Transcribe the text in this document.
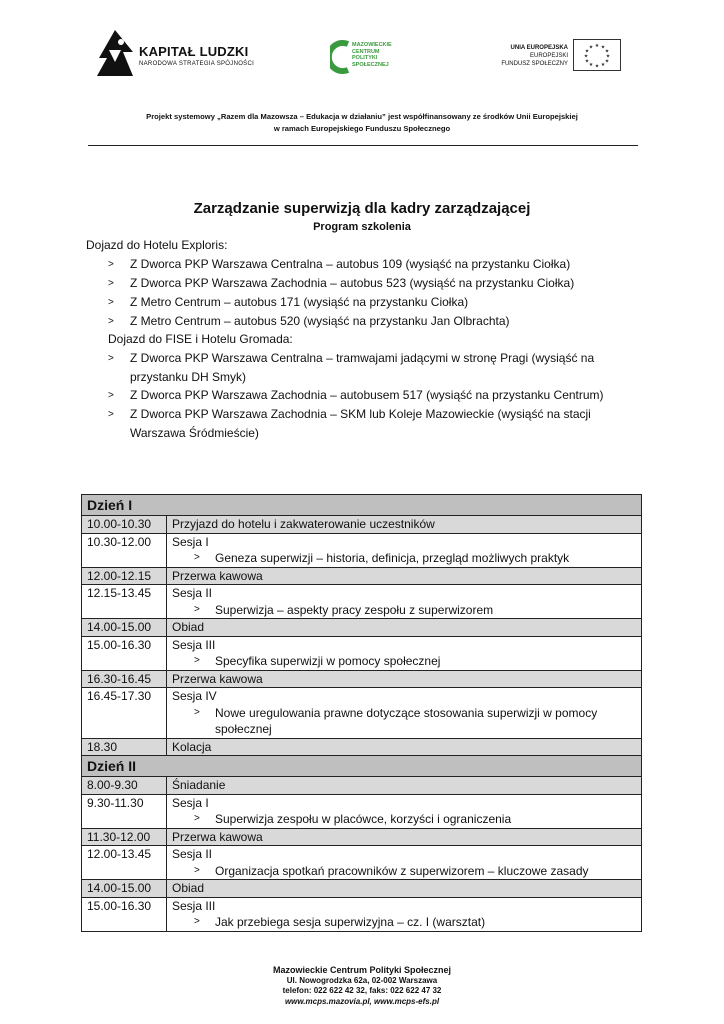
KAPITAŁ LUDZKI
NARODOWA STRATEGIA SPÓJNOŚCI
MAZOWIECKIE
CENTRUM
POLITYKI
SPOŁECZNEJ
UNIA EUROPEJSKA
EUROPEJSKI
FUNDUSZ SPOŁECZNY
★ ★
★
★
★
★
★
★
★
★
★
★
Projekt systemowy „Razem dla Mazowsza – Edukacja w działaniu” jest współfinansowany ze środków Unii Europejskiej
w ramach Europejskiego Funduszu Społecznego
Zarządzanie superwizją dla kadry zarządzającej
Program szkolenia
Dojazd do Hotelu Exploris:
> Z Dworca PKP Warszawa Centralna – autobus 109 (wysiąść na przystanku Ciołka)
> Z Dworca PKP Warszawa Zachodnia – autobus 523 (wysiąść na przystanku Ciołka)
> Z Metro Centrum – autobus 171 (wysiąść na przystanku Ciołka)
> Z Metro Centrum – autobus 520 (wysiąść na przystanku Jan Olbrachta)
Dojazd do FISE i Hotelu Gromada:
> Z Dworca PKP Warszawa Centralna – tramwajami jadącymi w stronę Pragi (wysiąść na przystanku DH Smyk)
> Z Dworca PKP Warszawa Zachodnia – autobusem 517 (wysiąść na przystanku Centrum)
> Z Dworca PKP Warszawa Zachodnia – SKM lub Koleje Mazowieckie (wysiąść na stacji Warszawa Śródmieście)
Dzień I	
10.00-10.30	Przyjazd do hotelu i zakwaterowanie uczestników
10.30-12.00	Sesja I
> Geneza superwizji – historia, definicja, przegląd możliwych praktyk

12.00-12.15	Przerwa kawowa
12.15-13.45	Sesja II
> Superwizja – aspekty pracy zespołu z superwizorem

14.00-15.00	Obiad
15.00-16.30	Sesja III
> Specyfika superwizji w pomocy społecznej

16.30-16.45	Przerwa kawowa
16.45-17.30	Sesja IV
> Nowe uregulowania prawne dotyczące stosowania superwizji w pomocy społecznej

18.30	Kolacja
Dzień II	
8.00-9.30	Śniadanie
9.30-11.30	Sesja I
> Superwizja zespołu w placówce, korzyści i ograniczenia

11.30-12.00	Przerwa kawowa
12.00-13.45	Sesja II
> Organizacja spotkań pracowników z superwizorem – kluczowe zasady

14.00-15.00	Obiad
15.00-16.30	Sesja III
> Jak przebiega sesja superwizyjna – cz. I (warsztat)
Mazowieckie Centrum Polityki Społecznej
Ul. Nowogrodzka 62a, 02-002 Warszawa
telefon: 022 622 42 32, faks: 022 622 47 32
www.mcps.mazovia.pl, www.mcps-efs.pl
